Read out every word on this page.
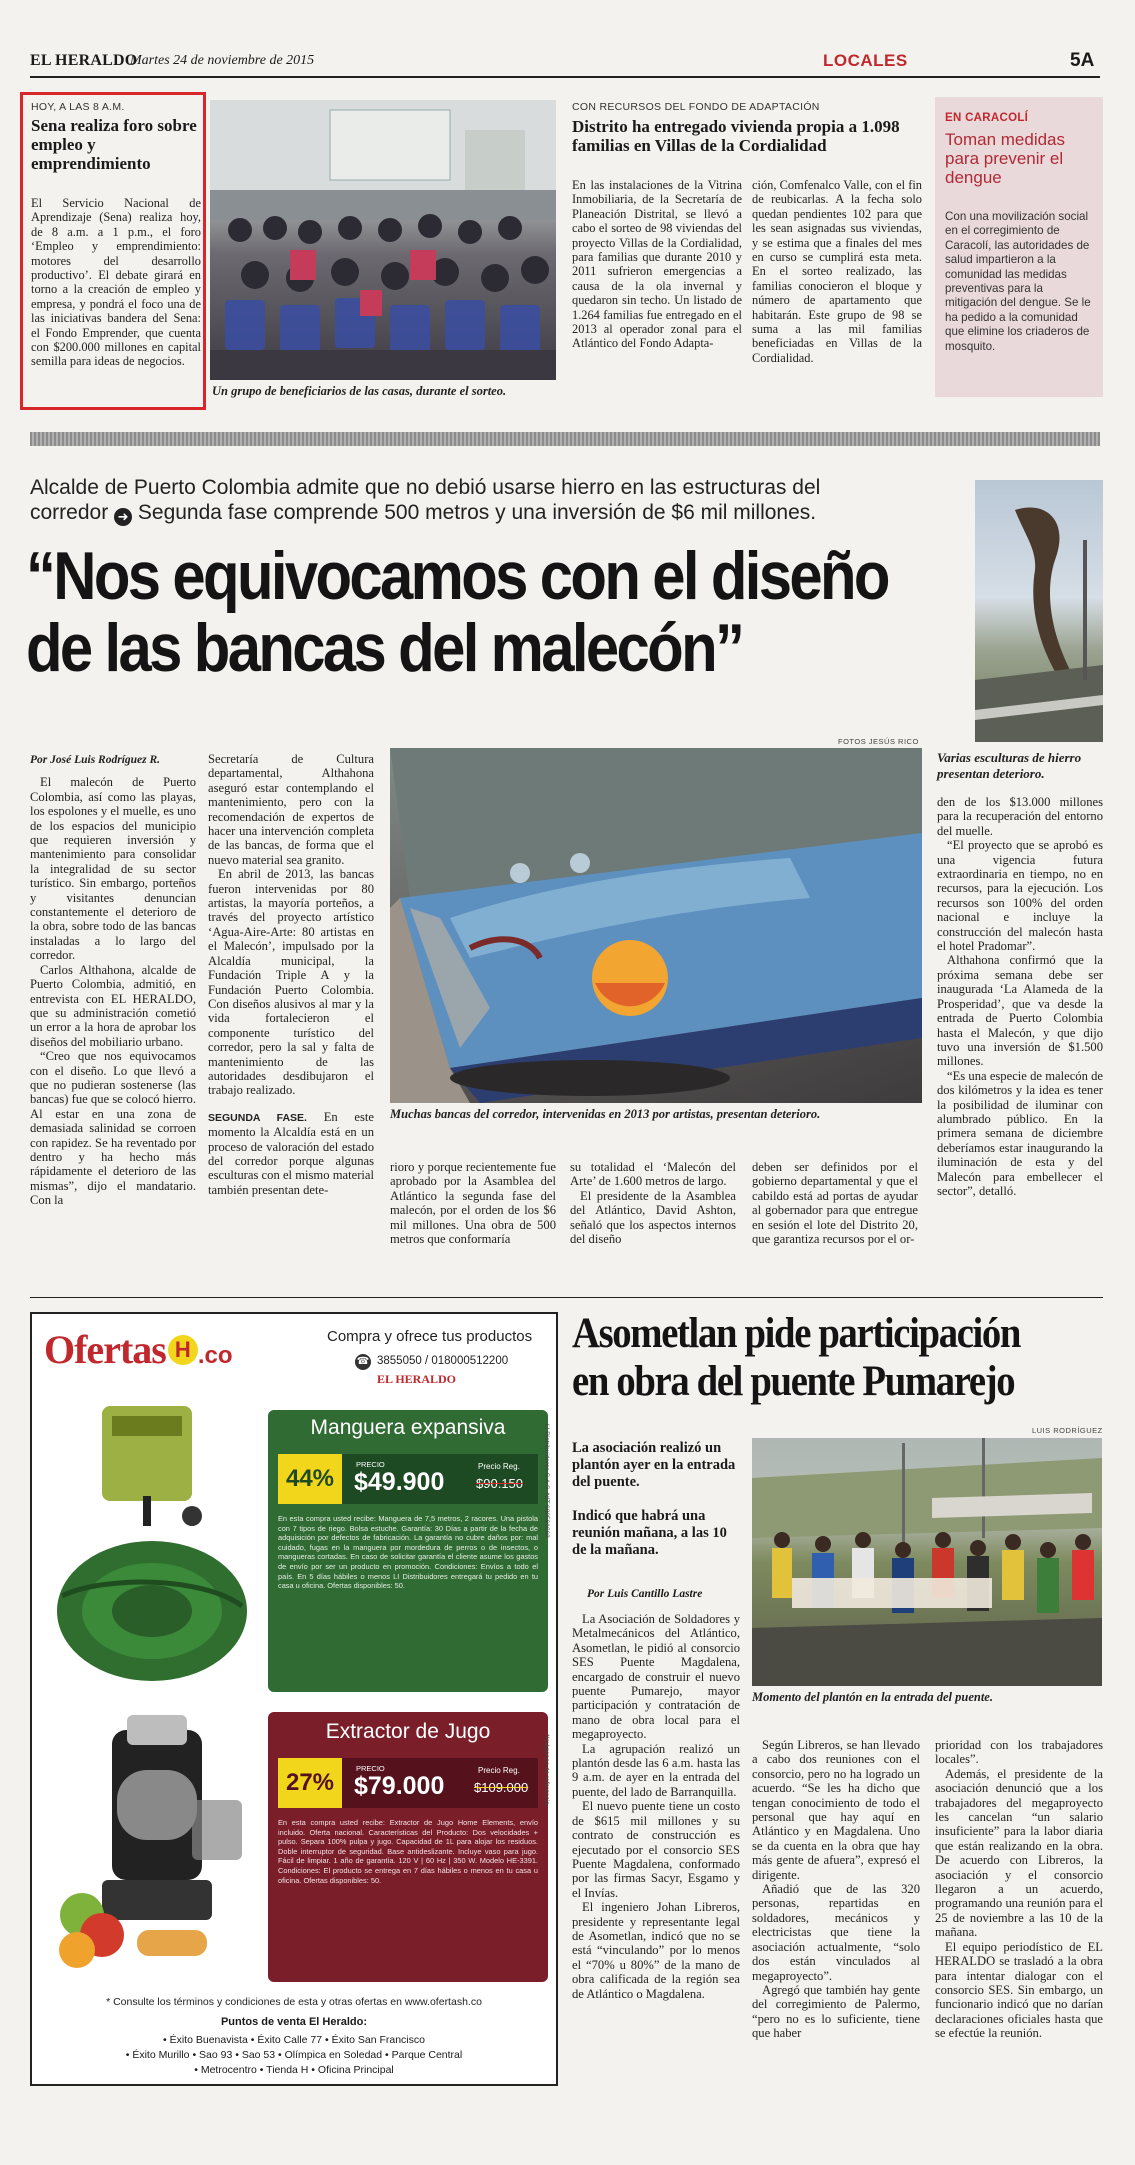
EL HERALDO
Martes 24 de noviembre de 2015	LOCALES	5A
HOY, A LAS 8 A.M.
Sena realiza foro sobre empleo y emprendimiento
El Servicio Nacional de Aprendizaje (Sena) realiza hoy, de 8 a.m. a 1 p.m., el foro ‘Empleo y emprendimiento: motores del desarrollo productivo’. El debate girará en torno a la creación de empleo y empresa, y pondrá el foco una de las iniciativas bandera del Sena: el Fondo Emprender, que cuenta con $200.000 millones en capital semilla para ideas de negocios.
Un grupo de beneficiarios de las casas, durante el sorteo.
CON RECURSOS DEL FONDO DE ADAPTACIÓN
Distrito ha entregado vivienda propia a 1.098 familias en Villas de la Cordialidad
En las instalaciones de la Vitrina Inmobiliaria, de la Secretaría de Planeación Distrital, se llevó a cabo el sorteo de 98 viviendas del proyecto Villas de la Cordialidad, para familias que durante 2010 y 2011 sufrieron emergencias a causa de la ola invernal y quedaron sin techo. Un listado de 1.264 familias fue entregado en el 2013 al operador zonal para el Atlántico del Fondo Adapta-
ción, Comfenalco Valle, con el fin de reubicarlas. A la fecha solo quedan pendientes 102 para que les sean asignadas sus viviendas, y se estima que a finales del mes en curso se cumplirá esta meta. En el sorteo realizado, las familias conocieron el bloque y número de apartamento que habitarán. Este grupo de 98 se suma a las mil familias beneficiadas en Villas de la Cordialidad.
EN CARACOLÍ
Toman medidas para prevenir el dengue
Con una movilización social en el corregimiento de Caracolí, las autoridades de salud impartieron a la comunidad las medidas preventivas para la mitigación del dengue. Se le ha pedido a la comunidad que elimine los criaderos de mosquito.
Alcalde de Puerto Colombia admite que no debió usarse hierro en las estructuras del corredor ➜ Segunda fase comprende 500 metros y una inversión de $6 mil millones.
“Nos equivocamos con el diseño
de las bancas del malecón”
FOTOS JESÚS RICO
Varias esculturas de hierro presentan deterioro.
Muchas bancas del corredor, intervenidas en 2013 por artistas, presentan deterioro.

Por José Luis Rodríguez R.

El malecón de Puerto Colombia, así como las playas, los espolones y el muelle, es uno de los espacios del municipio que requieren inversión y mantenimiento para consolidar la integralidad de su sector turístico. Sin embargo, porteños y visitantes denuncian constantemente el deterioro de la obra, sobre todo de las bancas instaladas a lo largo del corredor.

Carlos Althahona, alcalde de Puerto Colombia, admitió, en entrevista con EL HERALDO, que su administración cometió un error a la hora de aprobar los diseños del mobiliario urbano.

“Creo que nos equivocamos con el diseño. Lo que llevó a que no pudieran sostenerse (las bancas) fue que se colocó hierro. Al estar en una zona de demasiada salinidad se corroen con rapidez. Se ha reventado por dentro y ha hecho más rápidamente el deterioro de las mismas”, dijo el mandatario. Con la

Secretaría de Cultura departamental, Althahona aseguró estar contemplando el mantenimiento, pero con la recomendación de expertos de hacer una intervención completa de las bancas, de forma que el nuevo material sea granito.

En abril de 2013, las bancas fueron intervenidas por 80 artistas, la mayoría porteños, a través del proyecto artístico ‘Agua-Aire-Arte: 80 artistas en el Malecón’, impulsado por la Alcaldía municipal, la Fundación Triple A y la Fundación Puerto Colombia. Con diseños alusivos al mar y la vida fortalecieron el componente turístico del corredor, pero la sal y falta de mantenimiento de las autoridades desdibujaron el trabajo realizado.

SEGUNDA FASE. En este momento la Alcaldía está en un proceso de valoración del estado del corredor porque algunas esculturas con el mismo material también presentan dete-

rioro y porque recientemente fue aprobado por la Asamblea del Atlántico la segunda fase del malecón, por el orden de los $6 mil millones. Una obra de 500 metros que conformaría

su totalidad el ‘Malecón del Arte’ de 1.600 metros de largo.

El presidente de la Asamblea del Atlántico, David Ashton, señaló que los aspectos internos del diseño

deben ser definidos por el gobierno departamental y que el cabildo está ad portas de ayudar al gobernador para que entregue en sesión el lote del Distrito 20, que garantiza recursos por el or-

den de los $13.000 millones para la recuperación del entorno del muelle.

“El proyecto que se aprobó es una vigencia futura extraordinaria en tiempo, no en recursos, para la ejecución. Los recursos son 100% del orden nacional e incluye la construcción del malecón hasta el hotel Pradomar”.

Althahona confirmó que la próxima semana debe ser inaugurada ‘La Alameda de la Prosperidad’, que va desde la entrada de Puerto Colombia hasta el Malecón, y que dijo tuvo una inversión de $1.500 millones.

“Es una especie de malecón de dos kilómetros y la idea es tener la posibilidad de iluminar con alumbrado público. En la primera semana de diciembre deberíamos estar inaugurando la iluminación de esta y del Malecón para embellecer el sector”, detalló.

Ofertas H .co
Compra y ofrece tus productos
☎ 3855050 / 018000512200
EL HERALDO
Manguera expansiva
44%
PRECIO
$49.900
Precio Reg.
$90.150
En esta compra usted recibe: Manguera de 7,5 metros, 2 racores. Una pistola con 7 tipos de riego. Bolsa estuche. Garantía: 30 Días a partir de la fecha de adquisición por defectos de fabricación. La garantía no cubre daños por: mal cuidado, fugas en la manguera por mordedura de perros o de insectos, o mangueras cortadas. En caso de solicitar garantía el cliente asume los gastos de envío por ser un producto en promoción. Condiciones: Envíos a todo el país. En 5 días hábiles o menos LI Distribuidores entregará tu pedido en tu casa u oficina. Ofertas disponibles: 50.
Extractor de Jugo
27%
PRECIO
$79.000
Precio Reg.
$109.000
En esta compra usted recibe: Extractor de Jugo Home Elements, envío incluido. Oferta nacional. Características del Producto: Dos velocidades + pulso. Separa 100% pulpa y jugo. Capacidad de 1L para alojar los residuos. Doble interruptor de seguridad. Base antideslizante. Incluye vaso para jugo. Fácil de limpiar. 1 año de garantía. 120 V | 60 Hz | 350 W. Modelo HE-3391. Condiciones: El producto se entrega en 7 días hábiles o menos en tu casa u oficina. Ofertas disponibles: 50.
LI Distribuidores S.A.S. NIT 900591662
*Imágenes de referencia.
* Consulte los términos y condiciones de esta y otras ofertas en www.ofertash.co
Puntos de venta El Heraldo:
• Éxito Buenavista • Éxito Calle 77 • Éxito San Francisco
• Éxito Murillo • Sao 93 • Sao 53 • Olímpica en Soledad • Parque Central
• Metrocentro • Tienda H • Oficina Principal
Asometlan pide participación
en obra del puente Pumarejo
La asociación realizó un plantón ayer en la entrada del puente.
Indicó que habrá una reunión mañana, a las 10 de la mañana.
Por Luis Cantillo Lastre
LUIS RODRÍGUEZ
Momento del plantón en la entrada del puente.

La Asociación de Soldadores y Metalmecánicos del Atlántico, Asometlan, le pidió al consorcio SES Puente Magdalena, encargado de construir el nuevo puente Pumarejo, mayor participación y contratación de mano de obra local para el megaproyecto.

La agrupación realizó un plantón desde las 6 a.m. hasta las 9 a.m. de ayer en la entrada del puente, del lado de Barranquilla.

El nuevo puente tiene un costo de $615 mil millones y su contrato de construcción es ejecutado por el consorcio SES Puente Magdalena, conformado por las firmas Sacyr, Esgamo y el Invías.

El ingeniero Johan Libreros, presidente y representante legal de Asometlan, indicó que no se está “vinculando” por lo menos el “70% u 80%” de la mano de obra calificada de la región sea de Atlántico o Magdalena.

Según Libreros, se han llevado a cabo dos reuniones con el consorcio, pero no ha logrado un acuerdo. “Se les ha dicho que tengan conocimiento de todo el personal que hay aquí en Atlántico y en Magdalena. Uno se da cuenta en la obra que hay más gente de afuera”, expresó el dirigente.

Añadió que de las 320 personas, repartidas en soldadores, mecánicos y electricistas que tiene la asociación actualmente, “solo dos están vinculados al megaproyecto”.

Agregó que también hay gente del corregimiento de Palermo, “pero no es lo suficiente, tiene que haber

prioridad con los trabajadores locales”.

Además, el presidente de la asociación denunció que a los trabajadores del megaproyecto les cancelan “un salario insuficiente” para la labor diaria que están realizando en la obra. De acuerdo con Libreros, la asociación y el consorcio llegaron a un acuerdo, programando una reunión para el 25 de noviembre a las 10 de la mañana.

El equipo periodístico de EL HERALDO se trasladó a la obra para intentar dialogar con el consorcio SES. Sin embargo, un funcionario indicó que no darían declaraciones oficiales hasta que se efectúe la reunión.
